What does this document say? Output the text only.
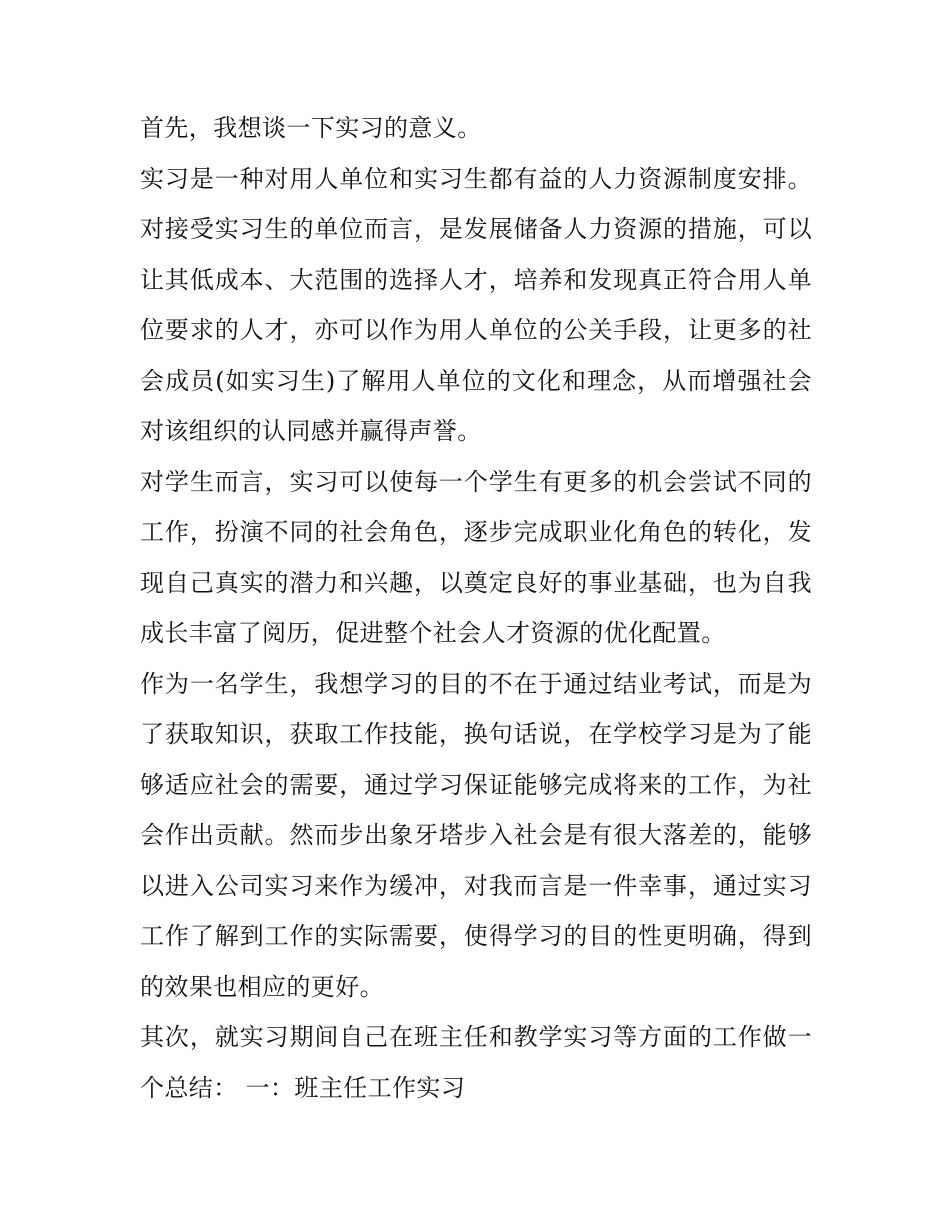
首先，我想谈一下实习的意义。

实习是一种对用人单位和实习生都有益的人力资源制度安排。对接受实习生的单位而言，是发展储备人力资源的措施，可以让其低成本、大范围的选择人才，培养和发现真正符合用人单位要求的人才，亦可以作为用人单位的公关手段，让更多的社会成员(如实习生)了解用人单位的文化和理念，从而增强社会对该组织的认同感并赢得声誉。

对学生而言，实习可以使每一个学生有更多的机会尝试不同的工作，扮演不同的社会角色，逐步完成职业化角色的转化，发现自己真实的潜力和兴趣，以奠定良好的事业基础，也为自我成长丰富了阅历，促进整个社会人才资源的优化配置。

作为一名学生，我想学习的目的不在于通过结业考试，而是为了获取知识，获取工作技能，换句话说，在学校学习是为了能够适应社会的需要，通过学习保证能够完成将来的工作，为社会作出贡献。然而步出象牙塔步入社会是有很大落差的，能够以进入公司实习来作为缓冲，对我而言是一件幸事，通过实习工作了解到工作的实际需要，使得学习的目的性更明确，得到的效果也相应的更好。

其次，就实习期间自己在班主任和教学实习等方面的工作做一个总结： 一：班主任工作实习
